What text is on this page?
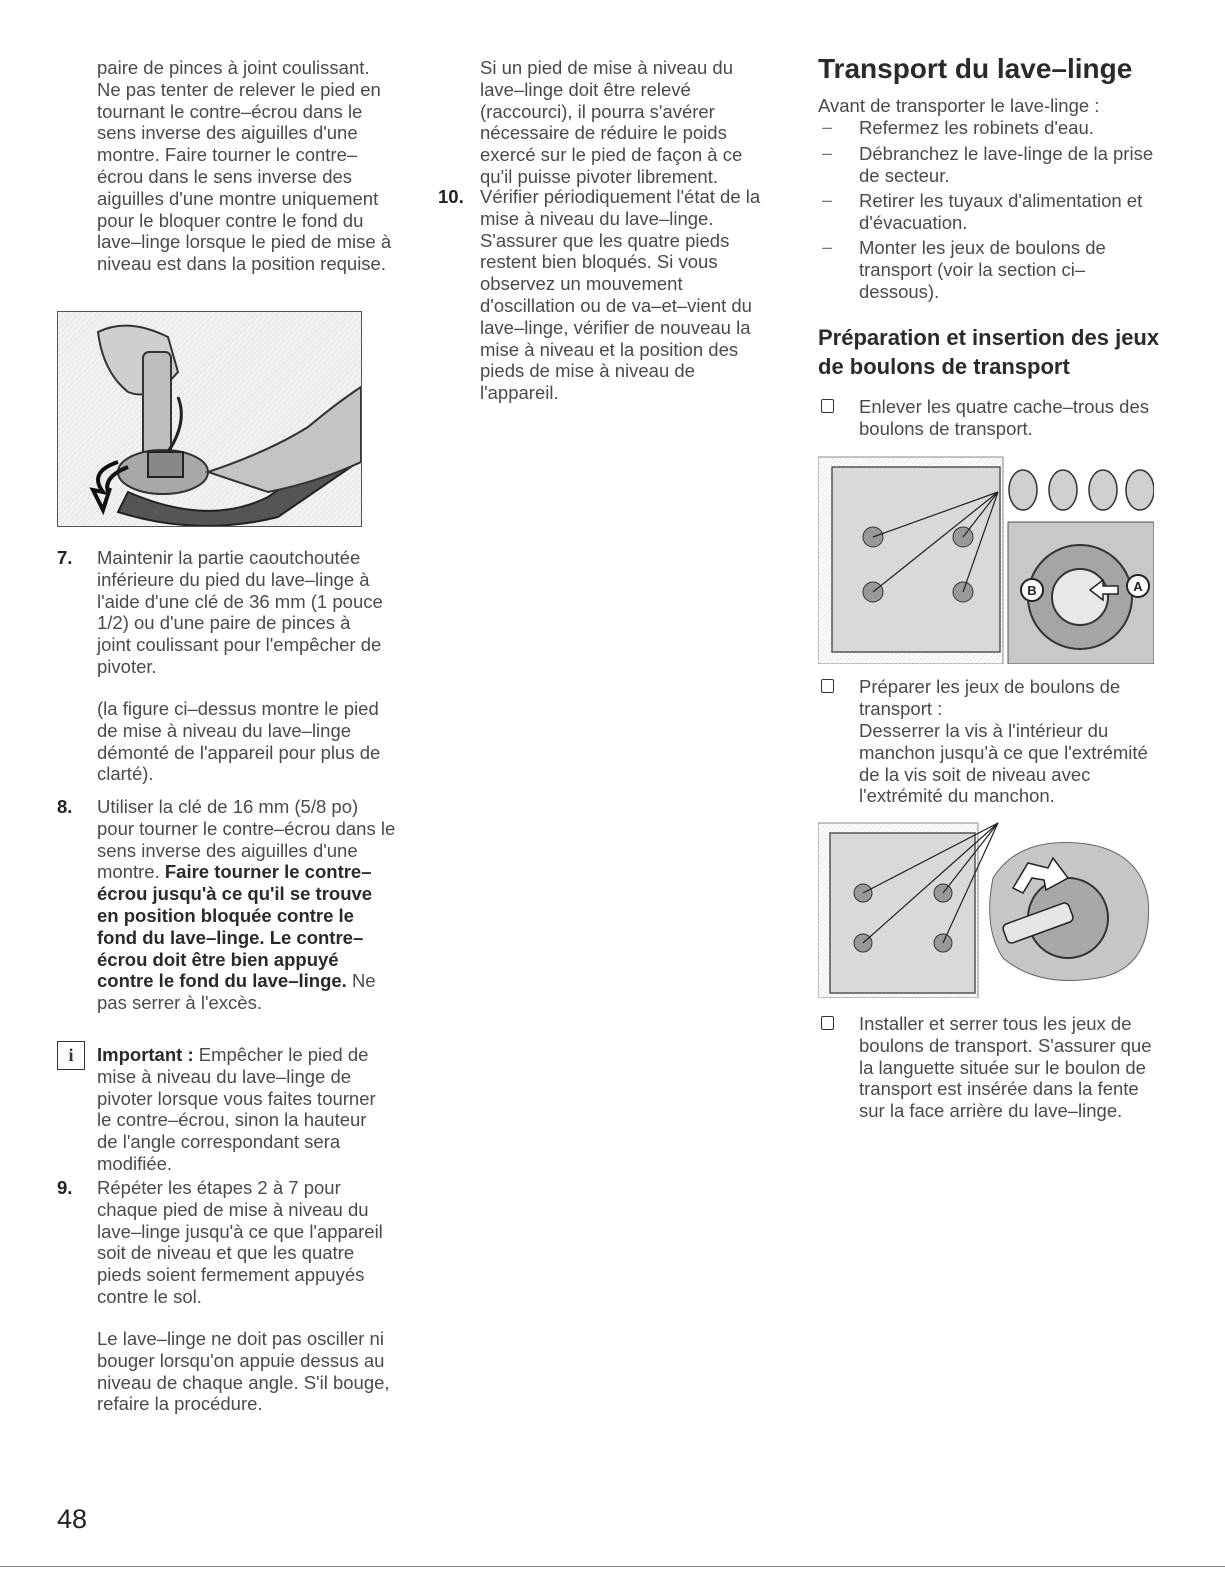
paire de pinces à joint coulissant. Ne pas tenter de relever le pied en tournant le contre–écrou dans le sens inverse des aiguilles d'une montre. Faire tourner le contre–écrou dans le sens inverse des aiguilles d'une montre uniquement pour le bloquer contre le fond du lave–linge lorsque le pied de mise à niveau est dans la position requise.
7. Maintenir la partie caoutchoutée inférieure du pied du lave–linge à l'aide d'une clé de 36 mm (1 pouce 1/2) ou d'une paire de pinces à joint coulissant pour l'empêcher de pivoter.
(la figure ci–dessus montre le pied de mise à niveau du lave–linge démonté de l'appareil pour plus de clarté).
8. Utiliser la clé de 16 mm (5/8 po) pour tourner le contre–écrou dans le sens inverse des aiguilles d'une montre. Faire tourner le contre–écrou jusqu'à ce qu'il se trouve en position bloquée contre le fond du lave–linge. Le contre–écrou doit être bien appuyé contre le fond du lave–linge. Ne pas serrer à l'excès.
i	Important : Empêcher le pied de mise à niveau du lave–linge de pivoter lorsque vous faites tourner le contre–écrou, sinon la hauteur de l'angle correspondant sera modifiée.
9. Répéter les étapes 2 à 7 pour chaque pied de mise à niveau du lave–linge jusqu'à ce que l'appareil soit de niveau et que les quatre pieds soient fermement appuyés contre le sol.
Le lave–linge ne doit pas osciller ni bouger lorsqu'on appuie dessus au niveau de chaque angle. S'il bouge, refaire la procédure.
48
Si un pied de mise à niveau du lave–linge doit être relevé (raccourci), il pourra s'avérer nécessaire de réduire le poids exercé sur le pied de façon à ce qu'il puisse pivoter librement.
10. Vérifier périodiquement l'état de la mise à niveau du lave–linge. S'assurer que les quatre pieds restent bien bloqués. Si vous observez un mouvement d'oscillation ou de va–et–vient du lave–linge, vérifier de nouveau la mise à niveau et la position des pieds de mise à niveau de l'appareil.
Transport du lave–linge
Avant de transporter le lave-linge :
– Refermez les robinets d'eau.
– Débranchez le lave-linge de la prise de secteur.
– Retirer les tuyaux d'alimentation et d'évacuation.
– Monter les jeux de boulons de transport (voir la section ci–dessous).
Préparation et insertion des jeux de boulons de transport
Enlever les quatre cache–trous des boulons de transport.
B	A
Préparer les jeux de boulons de transport :
Desserrer la vis à l'intérieur du manchon jusqu'à ce que l'extrémité de la vis soit de niveau avec l'extrémité du manchon.
Installer et serrer tous les jeux de boulons de transport. S'assurer que la languette située sur le boulon de transport est insérée dans la fente sur la face arrière du lave–linge.
